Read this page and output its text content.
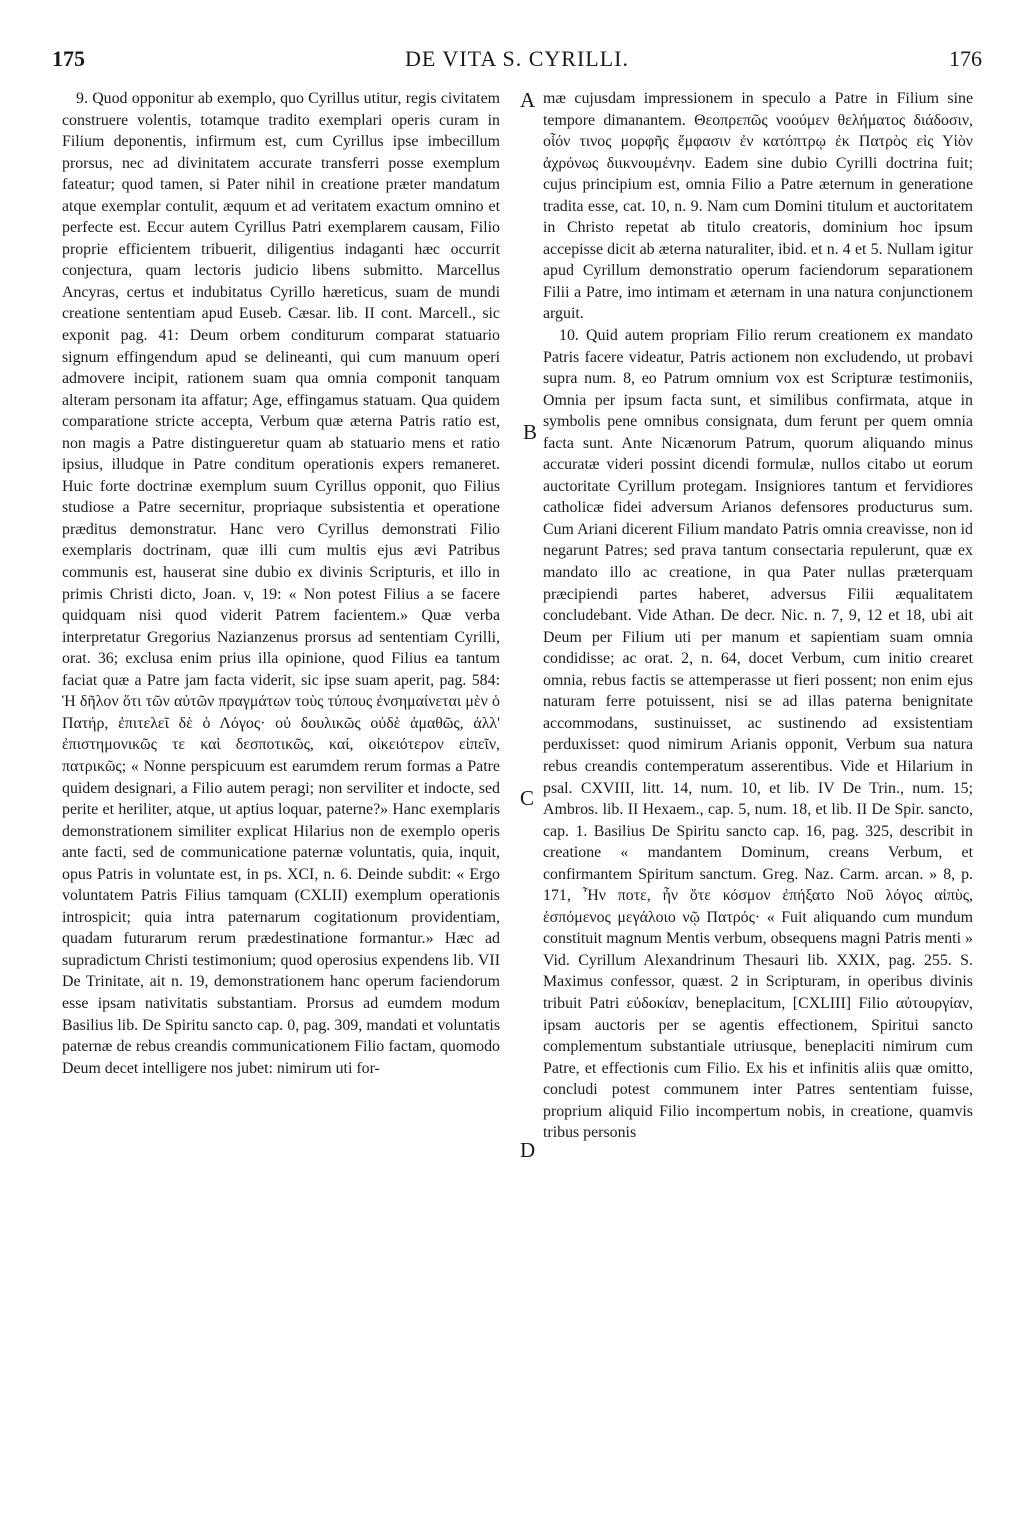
175	DE VITA S. CYRILLI.	176

9. Quod opponitur ab exemplo, quo Cyrillus utitur, regis civitatem construere volentis, totamque tradito exemplari operis curam in Filium deponentis, infirmum est, cum Cyrillus ipse imbecillum prorsus, nec ad divinitatem accurate transferri posse exemplum fateatur; quod tamen, si Pater nihil in creatione præter mandatum atque exemplar contulit, æquum et ad veritatem exactum omnino et perfecte est. Eccur autem Cyrillus Patri exemplarem causam, Filio proprie efficientem tribuerit, diligentius indaganti hæc occurrit conjectura, quam lectoris judicio libens submitto. Marcellus Ancyras, certus et indubitatus Cyrillo hæreticus, suam de mundi creatione sententiam apud Euseb. Cæsar. lib. II cont. Marcell., sic exponit pag. 41: Deum orbem conditurum comparat statuario signum effingendum apud se delineanti, qui cum manuum operi admovere incipit, rationem suam qua omnia componit tanquam alteram personam ita affatur; Age, effingamus statuam. Qua quidem comparatione stricte accepta, Verbum quæ æterna Patris ratio est, non magis a Patre distingueretur quam ab statuario mens et ratio ipsius, illudque in Patre conditum operationis expers remaneret. Huic forte doctrinæ exemplum suum Cyrillus opponit, quo Filius studiose a Patre secernitur, propriaque subsistentia et operatione præditus demonstratur. Hanc vero Cyrillus demonstrati Filio exemplaris doctrinam, quæ illi cum multis ejus ævi Patribus communis est, hauserat sine dubio ex divinis Scripturis, et illo in primis Christi dicto, Joan. v, 19: « Non potest Filius a se facere quidquam nisi quod viderit Patrem facientem.» Quæ verba interpretatur Gregorius Nazianzenus prorsus ad sententiam Cyrilli, orat. 36; exclusa enim prius illa opinione, quod Filius ea tantum faciat quæ a Patre jam facta viderit, sic ipse suam aperit, pag. 584: Ἡ δῆλον ὅτι τῶν αὐτῶν πραγμάτων τοὺς τύπους ἐνσημαίνεται μὲν ὁ Πατήρ, ἐπιτελεῖ δὲ ὁ Λόγος· οὐ δουλικῶς οὐδὲ ἀμαθῶς, ἀλλ' ἐπιστημονικῶς τε καὶ δεσποτικῶς, καί, οἰκειότερον εἰπεῖν, πατρικῶς; « Nonne perspicuum est earumdem rerum formas a Patre quidem designari, a Filio autem peragi; non serviliter et indocte, sed perite et heriliter, atque, ut aptius loquar, paterne?» Hanc exemplaris demonstrationem similiter explicat Hilarius non de exemplo operis ante facti, sed de communicatione paternæ voluntatis, quia, inquit, opus Patris in voluntate est, in ps. XCI, n. 6. Deinde subdit: « Ergo voluntatem Patris Filius tamquam (CXLII) exemplum operationis introspicit; quia intra paternarum cogitationum providentiam, quadam futurarum rerum prædestinatione formantur.» Hæc ad supradictum Christi testimonium; quod operosius expendens lib. VII De Trinitate, ait n. 19, demonstrationem hanc operum faciendorum esse ipsam nativitatis substantiam. Prorsus ad eumdem modum Basilius lib. De Spiritu sancto cap. 0, pag. 309, mandati et voluntatis paternæ de rebus creandis communicationem Filio factam, quomodo Deum decet intelligere nos jubet: nimirum uti for-

A
B
C
D

mæ cujusdam impressionem in speculo a Patre in Filium sine tempore dimanantem. Θεοπρεπῶς νοούμεν θελήματος διάδοσιν, οἷόν τινος μορφῆς ἔμφασιν ἐν κατόπτρῳ ἐκ Πατρὸς εἰς Υἱὸν ἀχρόνως διικνουμένην. Eadem sine dubio Cyrilli doctrina fuit; cujus principium est, omnia Filio a Patre æternum in generatione tradita esse, cat. 10, n. 9. Nam cum Domini titulum et auctoritatem in Christo repetat ab titulo creatoris, dominium hoc ipsum accepisse dicit ab æterna naturaliter, ibid. et n. 4 et 5. Nullam igitur apud Cyrillum demonstratio operum faciendorum separationem Filii a Patre, imo intimam et æternam in una natura conjunctionem arguit.

10. Quid autem propriam Filio rerum creationem ex mandato Patris facere videatur, Patris actionem non excludendo, ut probavi supra num. 8, eo Patrum omnium vox est Scripturæ testimoniis, Omnia per ipsum facta sunt, et similibus confirmata, atque in symbolis pene omnibus consignata, dum ferunt per quem omnia facta sunt. Ante Nicænorum Patrum, quorum aliquando minus accuratæ videri possint dicendi formulæ, nullos citabo ut eorum auctoritate Cyrillum protegam. Insigniores tantum et fervidiores catholicæ fidei adversum Arianos defensores producturus sum. Cum Ariani dicerent Filium mandato Patris omnia creavisse, non id negarunt Patres; sed prava tantum consectaria repulerunt, quæ ex mandato illo ac creatione, in qua Pater nullas præterquam præcipiendi partes haberet, adversus Filii æqualitatem concludebant. Vide Athan. De decr. Nic. n. 7, 9, 12 et 18, ubi ait Deum per Filium uti per manum et sapientiam suam omnia condidisse; ac orat. 2, n. 64, docet Verbum, cum initio crearet omnia, rebus factis se attemperasse ut fieri possent; non enim ejus naturam ferre potuissent, nisi se ad illas paterna benignitate accommodans, sustinuisset, ac sustinendo ad exsistentiam perduxisset: quod nimirum Arianis opponit, Verbum sua natura rebus creandis contemperatum asserentibus. Vide et Hilarium in psal. CXVIII, litt. 14, num. 10, et lib. IV De Trin., num. 15; Ambros. lib. II Hexaem., cap. 5, num. 18, et lib. II De Spir. sancto, cap. 1. Basilius De Spiritu sancto cap. 16, pag. 325, describit in creatione « mandantem Dominum, creans Verbum, et confirmantem Spiritum sanctum. Greg. Naz. Carm. arcan. » 8, p. 171, Ἦν ποτε, ἦν ὅτε κόσμον ἐπήξατο Νοῦ λόγος αἰπὺς, ἑσπόμενος μεγάλοιο νῷ Πατρός· « Fuit aliquando cum mundum constituit magnum Mentis verbum, obsequens magni Patris menti » Vid. Cyrillum Alexandrinum Thesauri lib. XXIX, pag. 255. S. Maximus confessor, quæst. 2 in Scripturam, in operibus divinis tribuit Patri εὐδοκίαν, beneplacitum, [CXLIII] Filio αὐτουργίαν, ipsam auctoris per se agentis effectionem, Spiritui sancto complementum substantiale utriusque, beneplaciti nimirum cum Patre, et effectionis cum Filio. Ex his et infinitis aliis quæ omitto, concludi potest communem inter Patres sententiam fuisse, proprium aliquid Filio incompertum nobis, in creatione, quamvis tribus personis
